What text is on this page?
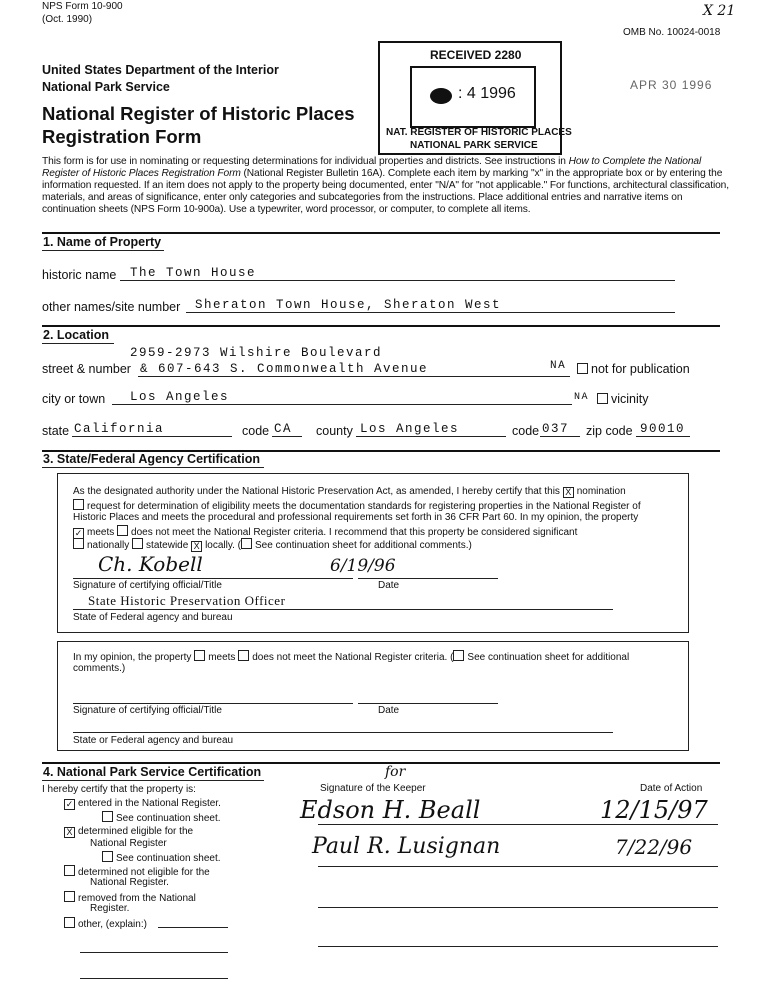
NPS Form 10-900
(Oct. 1990)
United States Department of the Interior
National Park Service
National Register of Historic Places
Registration Form
X 21
OMB No. 10024-0018
APR 30 1996
RECEIVED 2280
: 4 1996
NAT. REGISTER OF HISTORIC PLACES
NATIONAL PARK SERVICE
This form is for use in nominating or requesting determinations for individual properties and districts. See instructions in How to Complete the National Register of Historic Places Registration Form (National Register Bulletin 16A). Complete each item by marking "x" in the appropriate box or by entering the information requested. If an item does not apply to the property being documented, enter "N/A" for "not applicable." For functions, architectural classification, materials, and areas of significance, enter only categories and subcategories from the instructions. Place additional entries and narrative items on continuation sheets (NPS Form 10-900a). Use a typewriter, word processor, or computer, to complete all items.
1. Name of Property
historic name The Town House
other names/site number Sheraton Town House, Sheraton West
2. Location
2959-2973 Wilshire Boulevard
street & number & 607-643 S. Commonwealth Avenue	NA	not for publication
city or town Los Angeles	NA	vicinity
state California	code CA county Los Angeles	code 037 zip code 90010
3. State/Federal Agency Certification
As the designated authority under the National Historic Preservation Act, as amended, I hereby certify that this X nomination
request for determination of eligibility meets the documentation standards for registering properties in the National Register of
Historic Places and meets the procedural and professional requirements set forth in 36 CFR Part 60. In my opinion, the property
✓ meets does not meet the National Register criteria. I recommend that this property be considered significant
nationally statewide X locally. ( See continuation sheet for additional comments.)
Ch. Kobell	6/19/96
Signature of certifying official/Title	Date
State Historic Preservation Officer
State of Federal agency and bureau
In my opinion, the property meets does not meet the National Register criteria. ( See continuation sheet for additional
comments.)
Signature of certifying official/Title	Date
State or Federal agency and bureau
4. National Park Service Certification
I hereby certify that the property is:
✓ entered in the National Register.
See continuation sheet.
X determined eligible for the
National Register
See continuation sheet.
determined not eligible for the
National Register.
removed from the National
Register.
other, (explain:)
for
Signature of the Keeper	Date of Action
Edson H. Beall	12/15/97
Paul R. Lusignan	7/22/96
